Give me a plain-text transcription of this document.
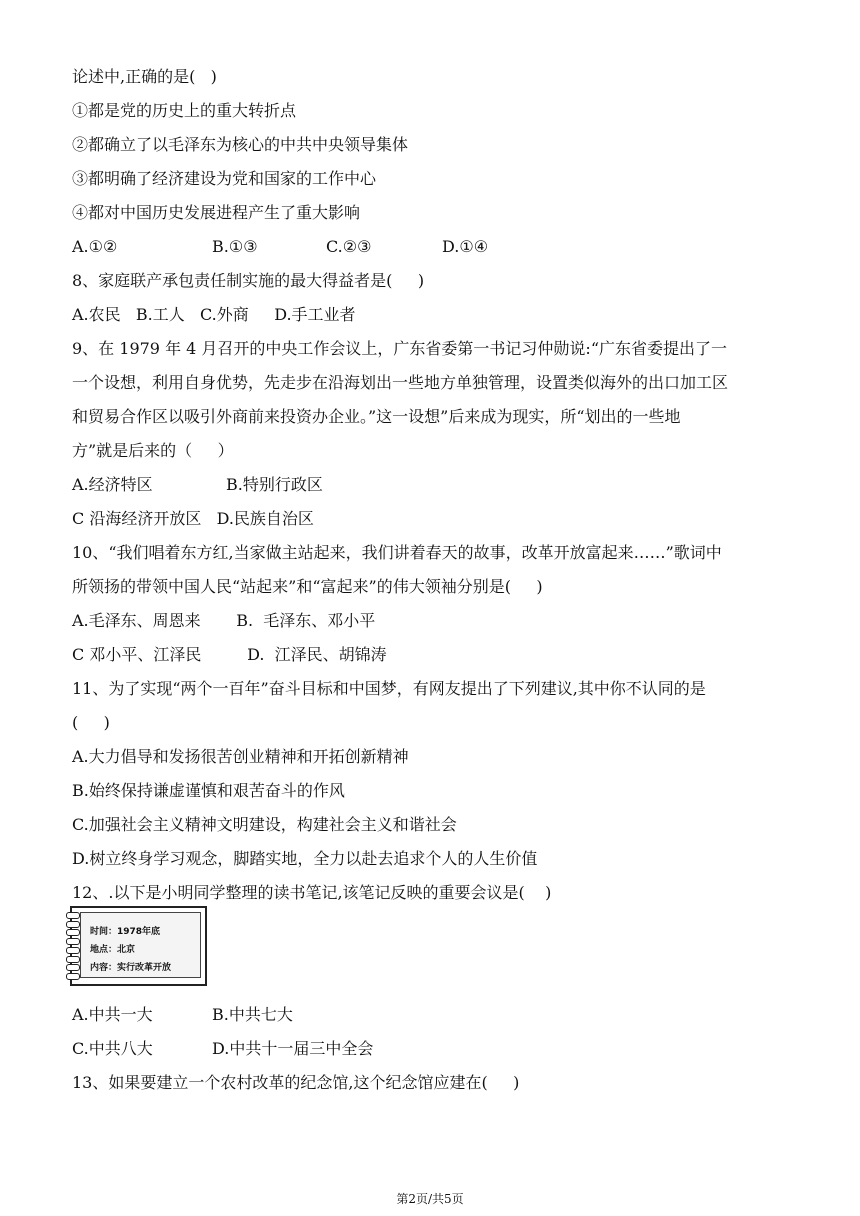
论述中,正确的是(   )
①都是党的历史上的重大转折点
②都确立了以毛泽东为核心的中共中央领导集体
③都明确了经济建设为党和国家的工作中心
④都对中国历史发展进程产生了重大影响
A.①②	B.①③	C.②③	D.①④
8、家庭联产承包责任制实施的最大得益者是(     )
A.农民   B.工人   C.外商     D.手工业者
9、在 1979 年 4 月召开的中央工作会议上，广东省委第一书记习仲勋说:“广东省委提出了一
一个设想，利用自身优势，先走步在沿海划出一些地方单独管理，设置类似海外的出口加工区
和贸易合作区以吸引外商前来投资办企业。”这一设想”后来成为现实，所“划出的一些地
方”就是后来的（     ）
A.经济特区	B.特别行政区
C 沿海经济开放区   D.民族自治区
10、“我们唱着东方红,当家做主站起来，我们讲着春天的故事，改革开放富起来……”歌词中
所领扬的带领中国人民“站起来”和“富起来”的伟大领袖分别是(     )
A.毛泽东、周恩来       B.  毛泽东、邓小平
C 邓小平、江泽民         D.  江泽民、胡锦涛
11、为了实现“两个一百年”奋斗目标和中国梦，有网友提出了下列建议,其中你不认同的是
(     )
A.大力倡导和发扬很苦创业精神和开拓创新精神
B.始终保持谦虚谨慎和艰苦奋斗的作风
C.加强社会主义精神文明建设，构建社会主义和谐社会
D.树立终身学习观念，脚踏实地，全力以赴去追求个人的人生价值
12、.以下是小明同学整理的读书笔记,该笔记反映的重要会议是(    )
时间：1978年底
地点：北京
内容：实行改革开放
A.中共一大	B.中共七大
C.中共八大	D.中共十一届三中全会
13、如果要建立一个农村改革的纪念馆,这个纪念馆应建在(     )
第2页/共5页
